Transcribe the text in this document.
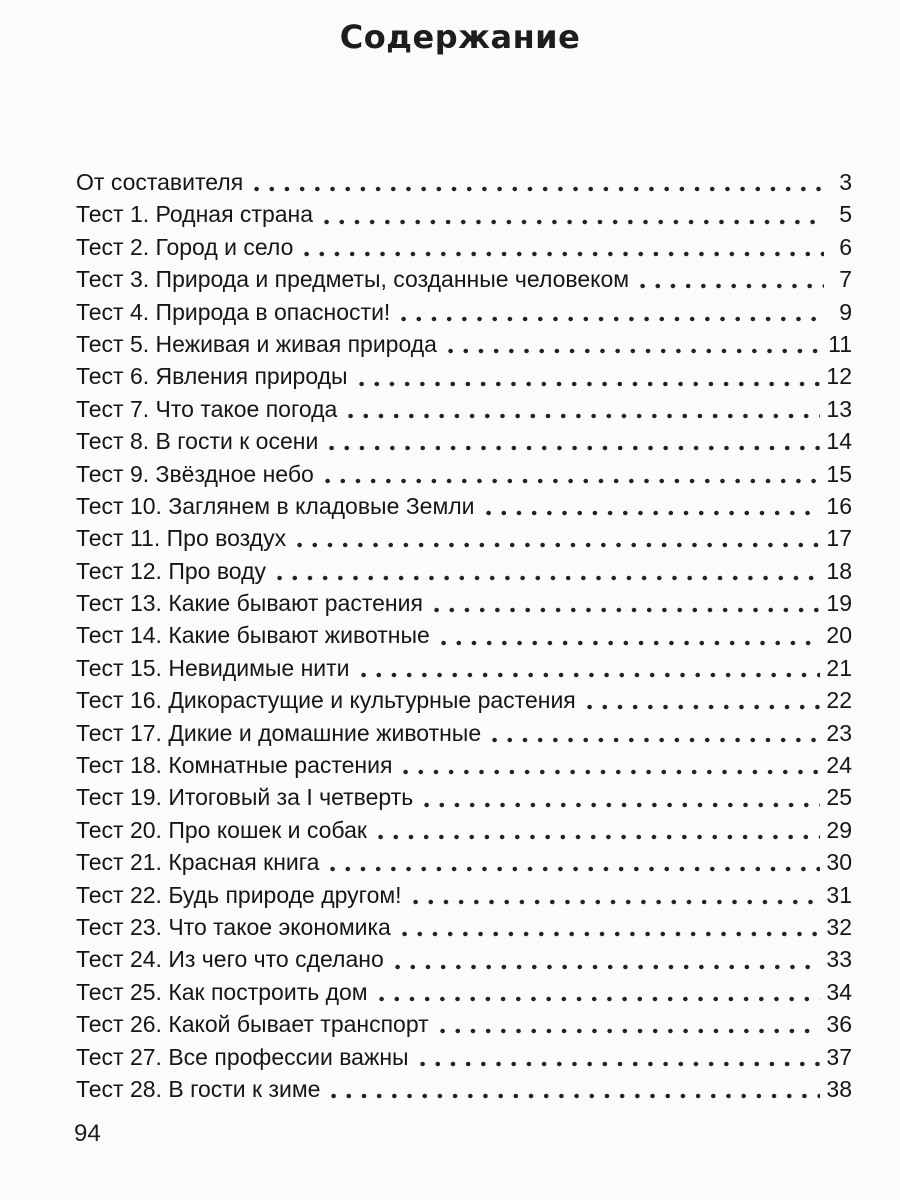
Содержание
От составителя	3
Тест 1. Родная страна	5
Тест 2. Город и село	6
Тест 3. Природа и предметы, созданные человеком	7
Тест 4. Природа в опасности!	9
Тест 5. Неживая и живая природа	11
Тест 6. Явления природы	12
Тест 7. Что такое погода	13
Тест 8. В гости к осени	14
Тест 9. Звёздное небо	15
Тест 10. Заглянем в кладовые Земли	16
Тест 11. Про воздух	17
Тест 12. Про воду	18
Тест 13. Какие бывают растения	19
Тест 14. Какие бывают животные	20
Тест 15. Невидимые нити	21
Тест 16. Дикорастущие и культурные растения	22
Тест 17. Дикие и домашние животные	23
Тест 18. Комнатные растения	24
Тест 19. Итоговый за I четверть	25
Тест 20. Про кошек и собак	29
Тест 21. Красная книга	30
Тест 22. Будь природе другом!	31
Тест 23. Что такое экономика	32
Тест 24. Из чего что сделано	33
Тест 25. Как построить дом	34
Тест 26. Какой бывает транспорт	36
Тест 27. Все профессии важны	37
Тест 28. В гости к зиме	38
94
